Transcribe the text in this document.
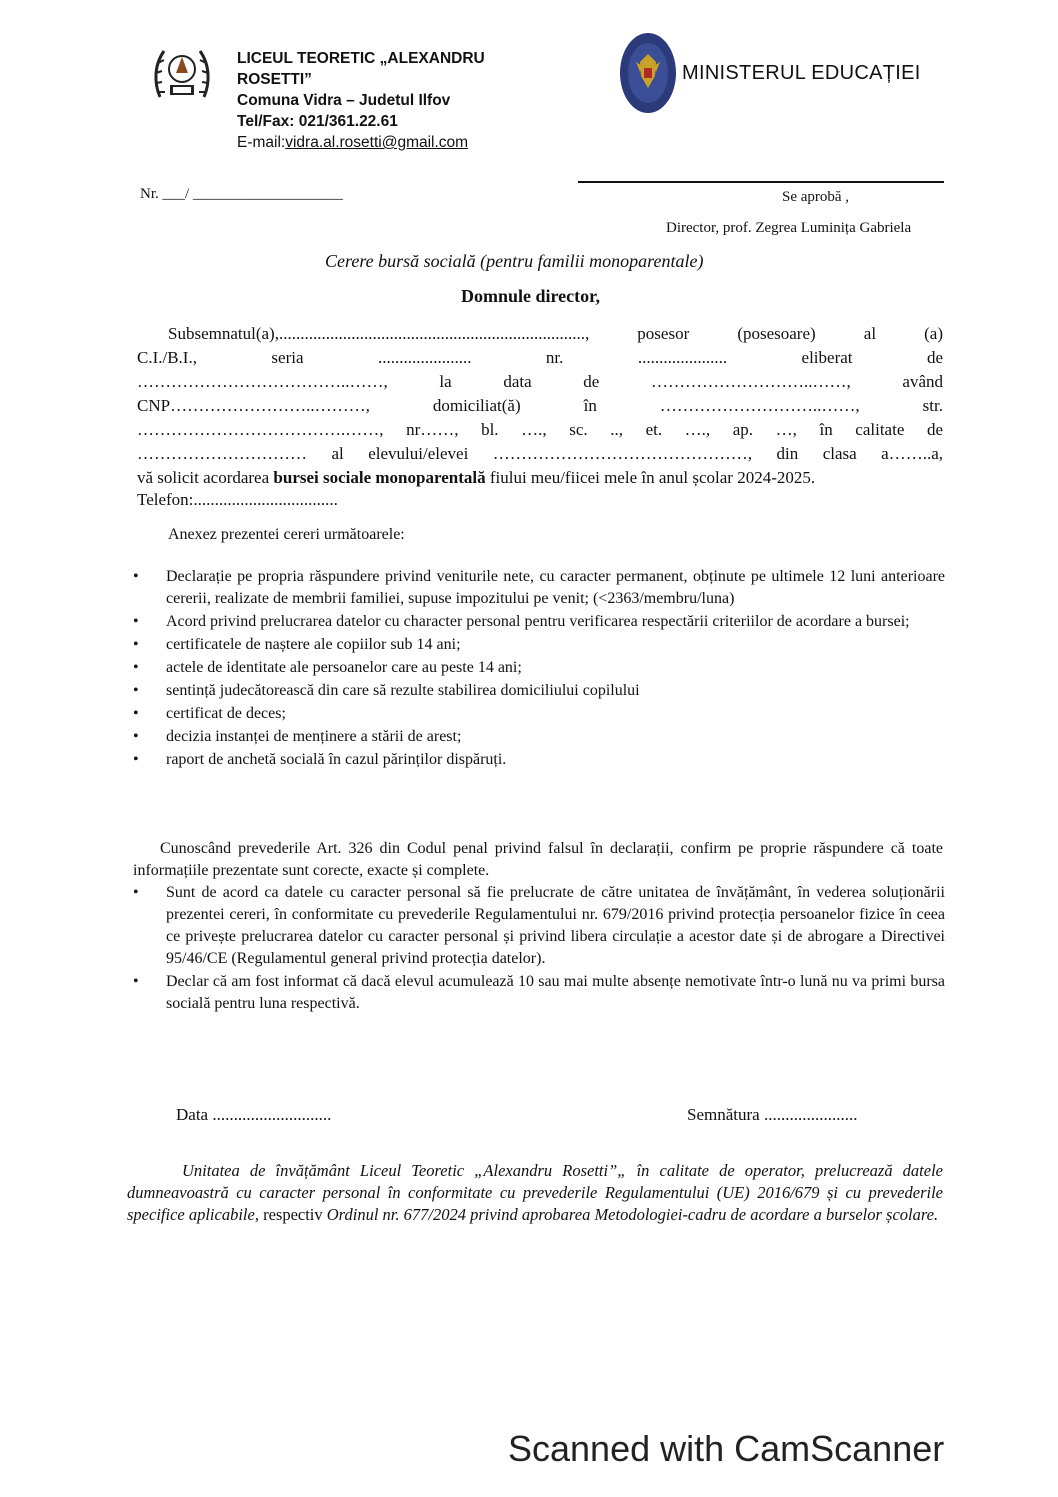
LICEUL TEORETIC „ALEXANDRU
ROSETTI”
Comuna Vidra – Judetul Ilfov
Tel/Fax: 021/361.22.61
E-mail:vidra.al.rosetti@gmail.com
MINISTERUL EDUCAȚIEI
Nr. ___/ ____________________	Se aprobă ,
Director, prof. Zegrea Luminița Gabriela
Cerere bursă socială (pentru familii monoparentale)
Domnule director,
Subsemnatul(a),........................................................................, posesor (posesoare) al (a)
C.I./B.I., seria ...................... nr. ..................... eliberat de
………………………………..……, la data de ………………………..……, având
CNP……………………..………, domiciliat(ă) în ………………………..……, str.
……………………………….……, nr……, bl. …., sc. .., et. …., ap. …, în calitate de
………………………… al elevului/elevei ………………………………………, din clasa a……..a,
vă solicit acordarea bursei sociale monoparentală fiului meu/fiicei mele în anul școlar 2024-2025.
Telefon:..................................
Anexez prezentei cereri următoarele:
• Declarație pe propria răspundere privind veniturile nete, cu caracter permanent, obținute pe ultimele 12 luni anterioare cererii, realizate de membrii familiei, supuse impozitului pe venit; (<2363/membru/luna)
• Acord privind prelucrarea datelor cu character personal pentru verificarea respectării criteriilor de acordare a bursei;
• certificatele de naștere ale copiilor sub 14 ani;
• actele de identitate ale persoanelor care au peste 14 ani;
• sentință judecătorească din care să rezulte stabilirea domiciliului copilului
• certificat de deces;
• decizia instanței de menținere a stării de arest;
• raport de anchetă socială în cazul părinților dispăruți.
Cunoscând prevederile Art. 326 din Codul penal privind falsul în declarații, confirm pe proprie răspundere că toate informațiile prezentate sunt corecte, exacte și complete.
• Sunt de acord ca datele cu caracter personal să fie prelucrate de către unitatea de învățământ, în vederea soluționării prezentei cereri, în conformitate cu prevederile Regulamentului nr. 679/2016 privind protecția persoanelor fizice în ceea ce privește prelucrarea datelor cu caracter personal și privind libera circulație a acestor date și de abrogare a Directivei 95/46/CE (Regulamentul general privind protecția datelor).
• Declar că am fost informat că dacă elevul acumulează 10 sau mai multe absențe nemotivate într-o lună nu va primi bursa socială pentru luna respectivă.
Data ............................	Semnătura ......................
Unitatea de învățământ Liceul Teoretic „Alexandru Rosetti”„ în calitate de operator, prelucrează datele dumneavoastră cu caracter personal în conformitate cu prevederile Regulamentului (UE) 2016/679 și cu prevederile specifice aplicabile, respectiv Ordinul nr. 677/2024 privind aprobarea Metodologiei-cadru de acordare a burselor școlare.
Scanned with CamScanner
